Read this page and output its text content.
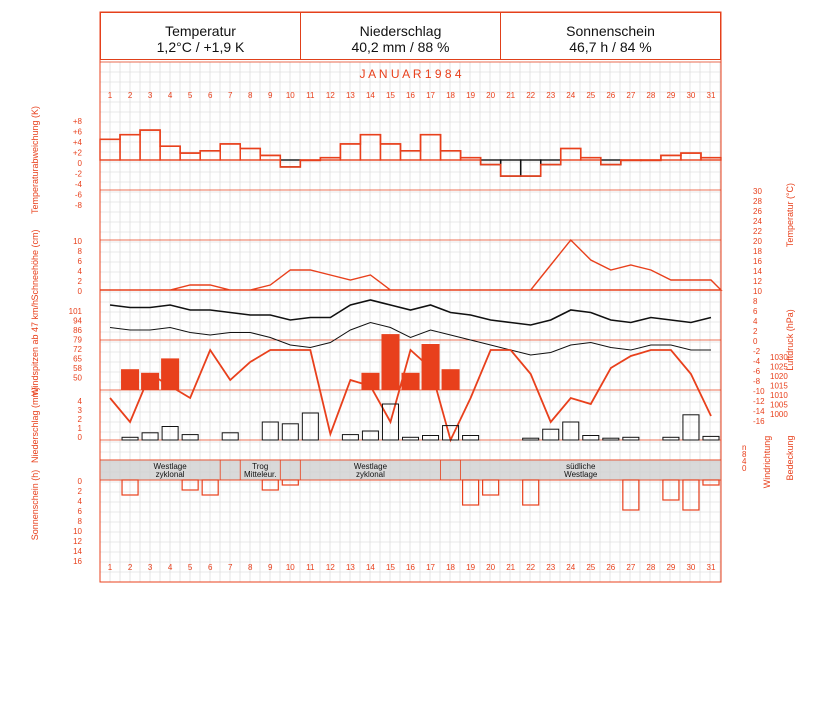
Temperatur
1,2°C / +1,9 K
Niederschlag
40,2 mm / 88 %
Sonnenschein
46,7 h / 84 %
J A N U A R 1 9 8 4
1
1
2
2
3
3
4
4
5
5
6
6
7
7
8
8
9
9
10
10
11
11
12
12
13
13
14
14
15
15
16
16
17
17
18
18
19
19
20
20
21
21
22
22
23
23
24
24
25
25
26
26
27
27
28
28
29
29
30
30
31
31
+8
+6
+4
+2
0
-2
-4
-6
-8
10
8
6
4
2
0
101
94
86
79
72
65
58
50
4
3
2
1
0
0
2
4
6
8
10
12
14
16
30
28
26
24
22
20
18
16
14
12
10
8
6
4
2
0
-2
-4
-6
-8
-10
-12
-14
-16
1030
1025
1020
1015
1010
1005
1000
n
8
4
0
Temperaturabweichung (K)
Schneehöhe (cm)
Windspitzen ab 47 km/h
Niederschlag (mm)
Sonnenschein (h)
Temperatur (°C)
Luftdruck (hPa)
Windrichtung Bedeckung
Westlage
zyklonal
Trog
Mitteleur.
Westlage
zyklonal
südliche
Westlage
